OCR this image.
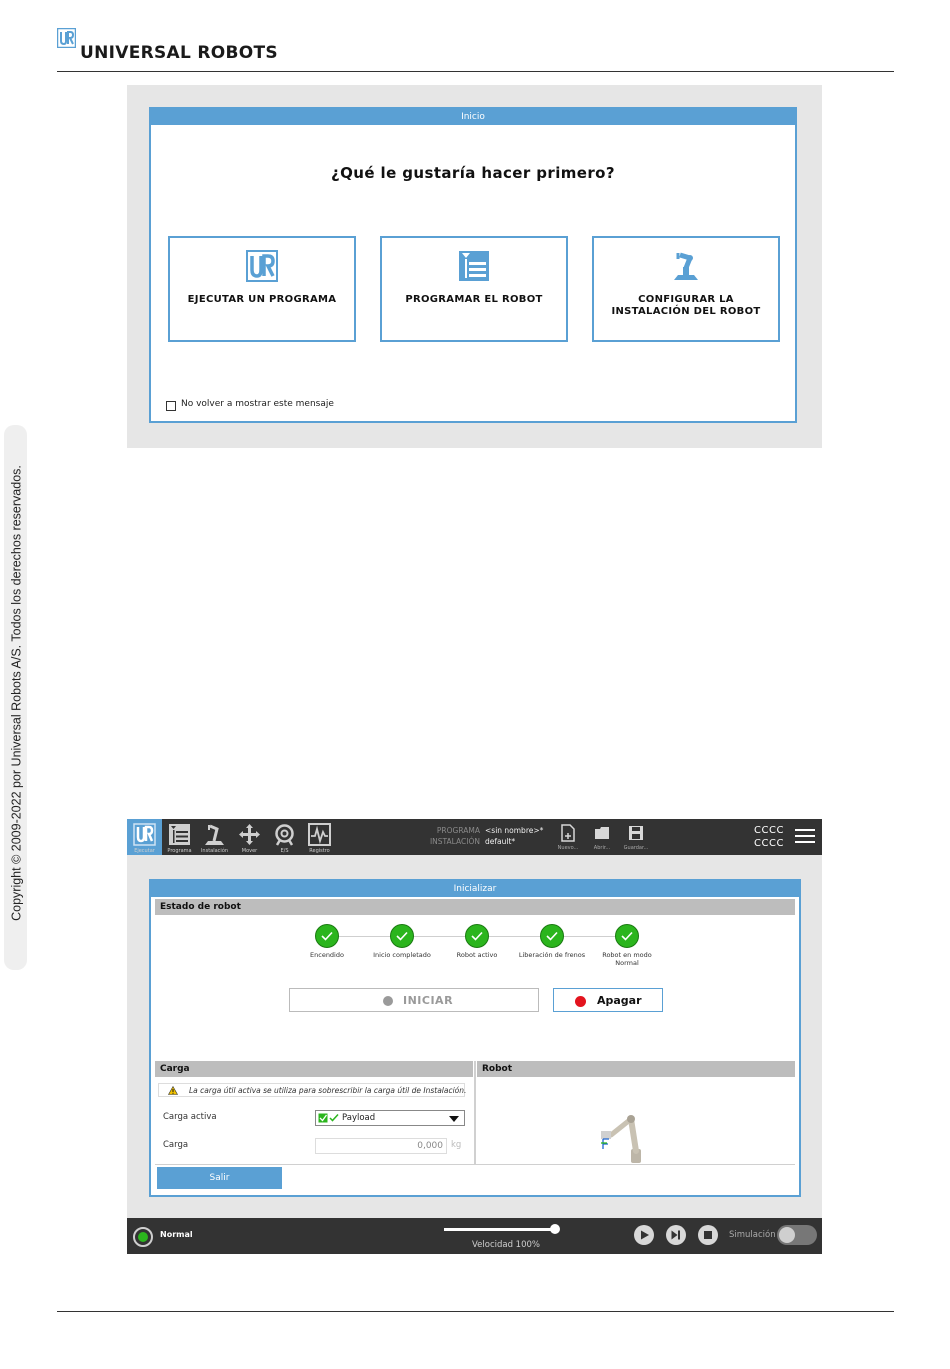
UNIVERSAL ROBOTS
Copyright © 2009-2022 por Universal Robots A/S. Todos los derechos reservados.
Inicio
¿Qué le gustaría hacer primero?
EJECUTAR UN PROGRAMA	PROGRAMAR EL ROBOT	CONFIGURAR LA INSTALACIÓN DEL ROBOT
No volver a mostrar este mensaje
Ejecutar	Programa	Instalación	Mover	E/S	Registro
PROGRAMA <sin nombre>*
INSTALACIÓN default*
Nuevo...	Abrir...	Guardar...
CCCC
CCCC
Inicializar
Estado de robot
Encendido	Inicio completado	Robot activo	Liberación de frenos	Robot en modo Normal
INICIAR	Apagar
Carga	Robot
La carga útil activa se utiliza para sobrescribir la carga útil de Instalación.
Carga activa	Payload
Carga	0,000 kg
Salir
Normal
Velocidad 100%
Simulación
